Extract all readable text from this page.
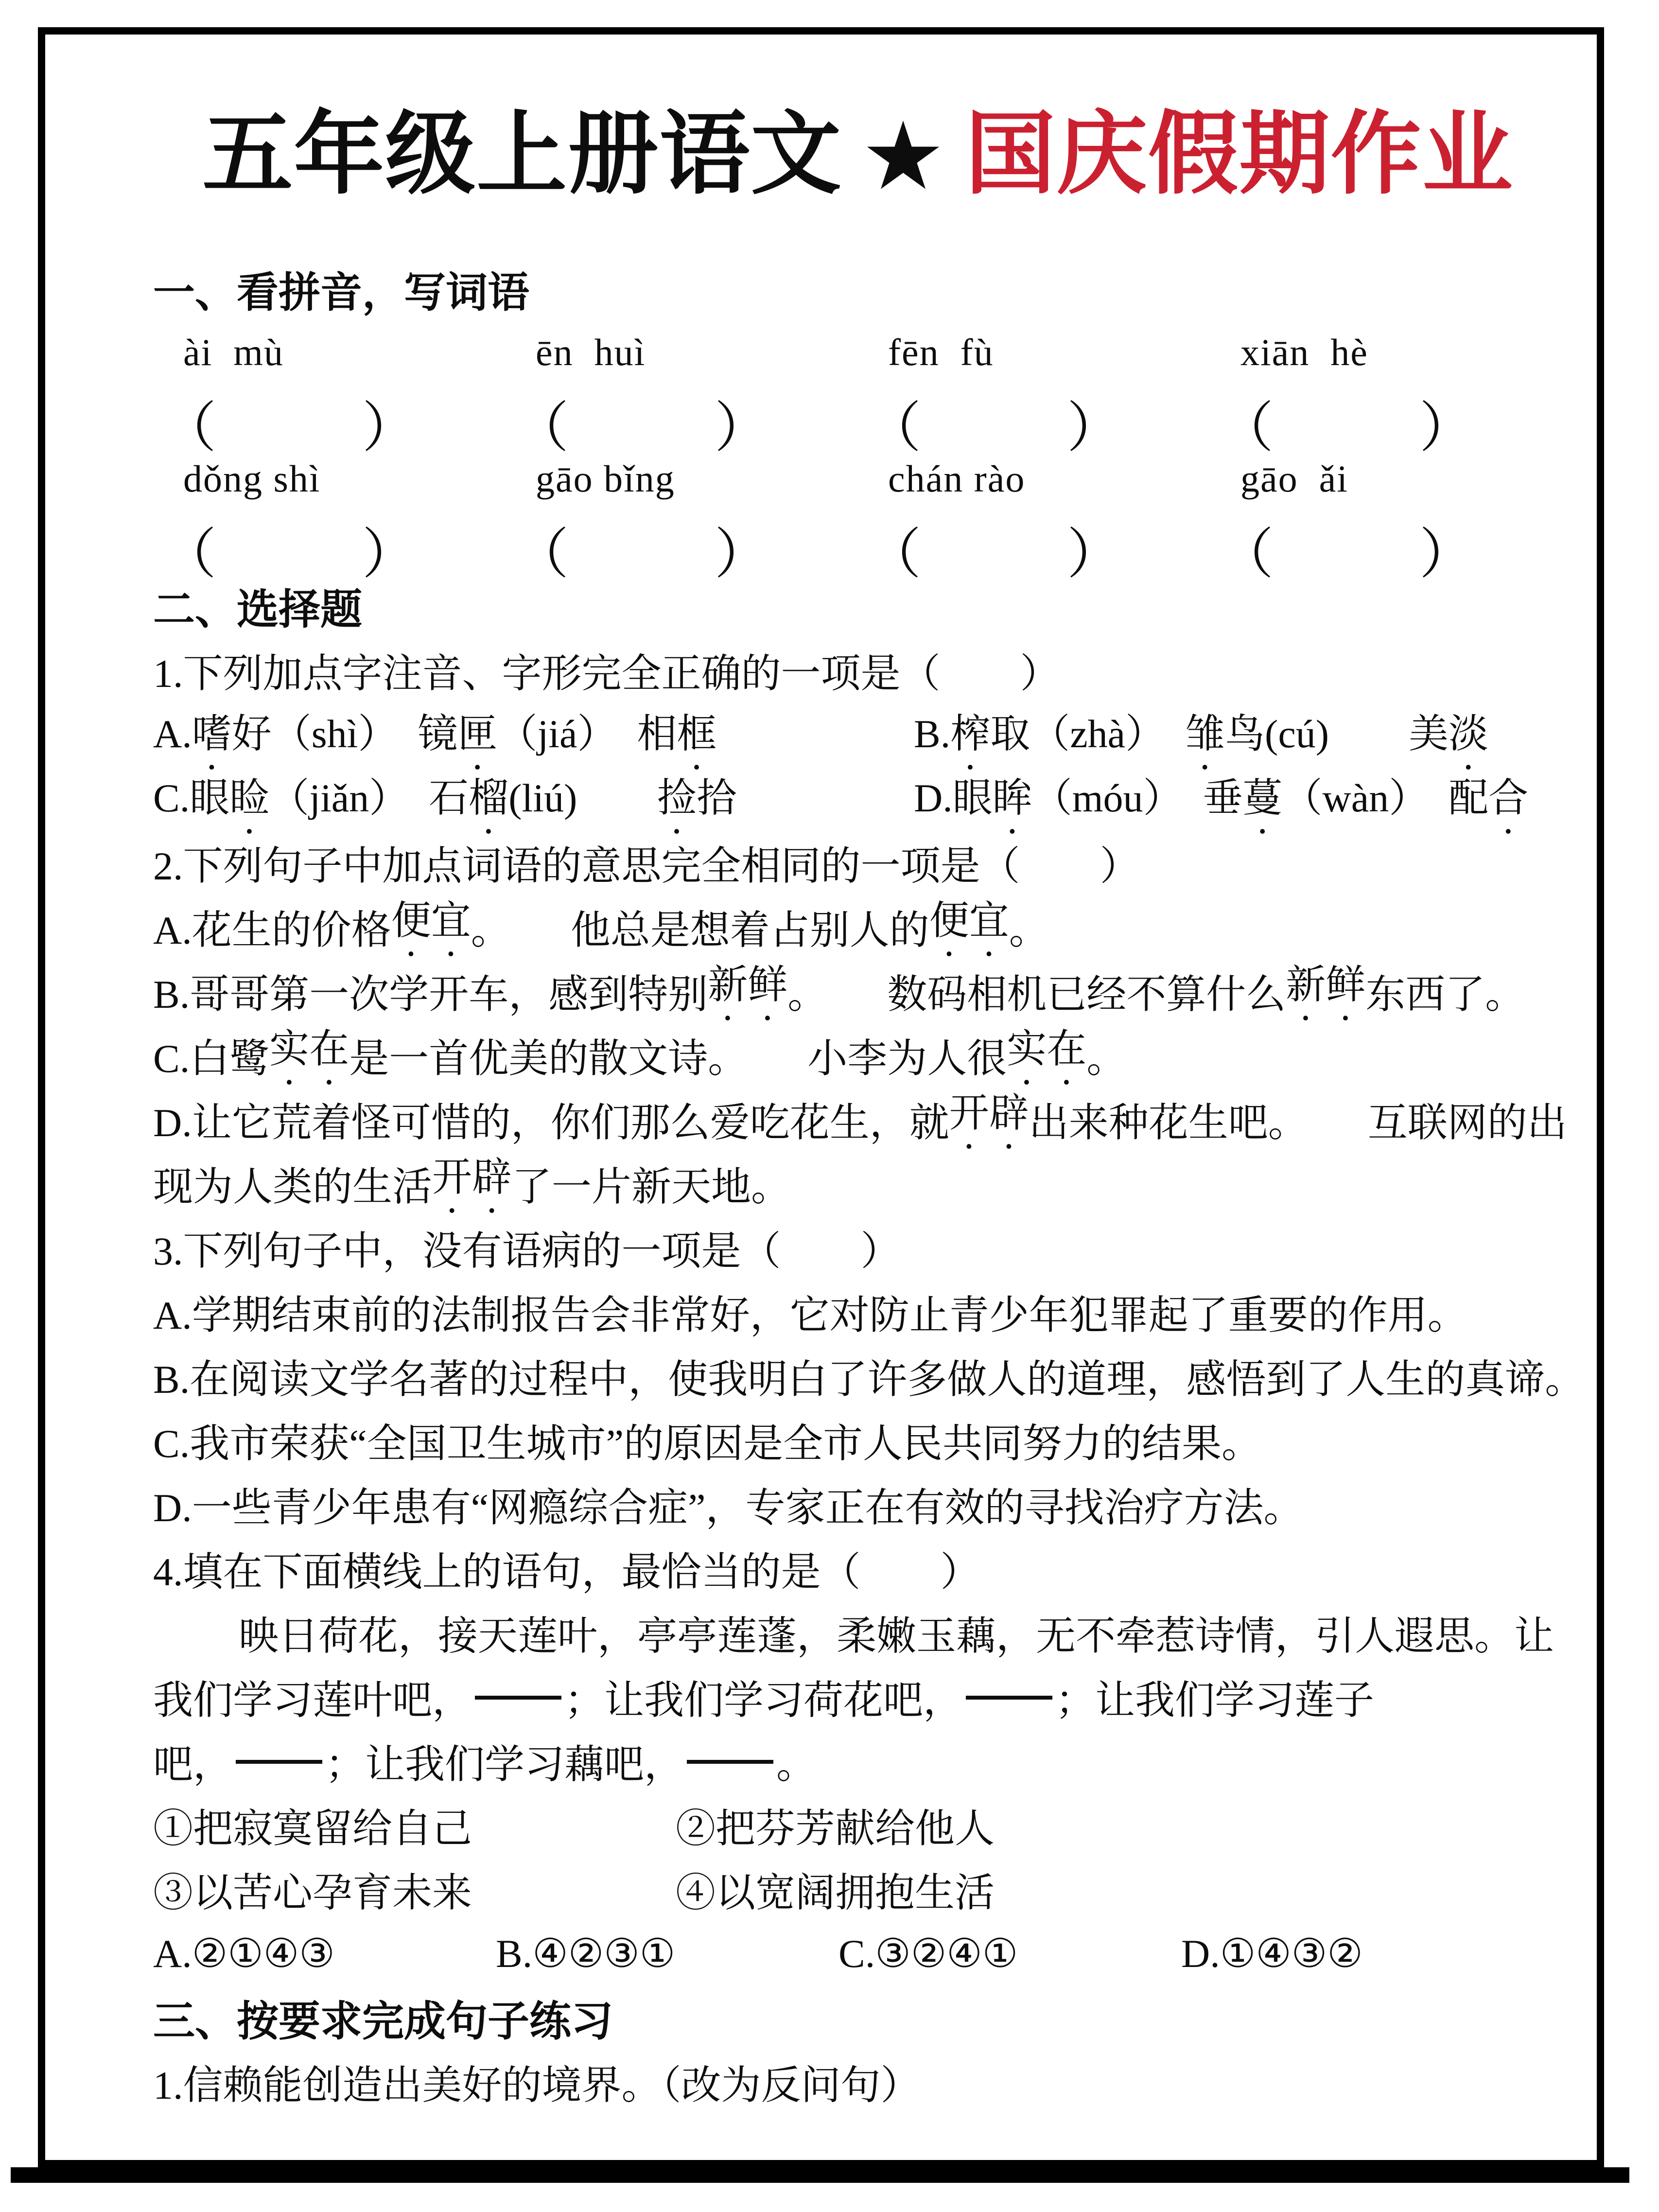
五年级上册语文 ★ 国庆假期作业
一、看拼音，写词语
ài  mù	ēn  huì	fēn  fù	xiān  hè
（	）	（	）	（	）	（	）
dǒng shì	gāo bǐng	chán rào	gāo  ǎi
（	）	（	）	（	）	（	）
二、选择题
1.下列加点字注音、字形完全正确的一项是（　　）
A.嗜好（shì）　镜匣（jiá）　相框	B.榨取（zhà）　雏鸟(cú)　　美淡
C.眼睑（jiǎn）　石榴(liú)　　捡拾	D.眼眸（móu）　垂蔓（wàn）　配合
2.下列句子中加点词语的意思完全相同的一项是（　　）
A.花生的价格 便宜 。　　他总是想着占别人的 便宜 。
B.哥哥第一次学开车，感到特别 新鲜 。　　数码相机已经不算什么 新鲜 东西了。
C.白鹭 实在 是一首优美的散文诗。　　小李为人很 实在 。
D.让它荒着怪可惜的，你们那么爱吃花生，就 开辟 出来种花生吧。　　互联网的出
现为人类的生活 开辟 了一片新天地。
3.下列句子中，没有语病的一项是（　　）
A.学期结束前的法制报告会非常好，它对防止青少年犯罪起了重要的作用。
B.在阅读文学名著的过程中，使我明白了许多做人的道理，感悟到了人生的真谛。
C.我市荣获“全国卫生城市”的原因是全市人民共同努力的结果。
D.一些青少年患有“网瘾综合症”，专家正在有效的寻找治疗方法。
4.填在下面横线上的语句，最恰当的是（　　）
映日荷花，接天莲叶，亭亭莲蓬，柔嫩玉藕，无不牵惹诗情，引人遐思。让
我们学习莲叶吧， ；让我们学习荷花吧， ；让我们学习莲子
吧， ；让我们学习藕吧， 。
①把寂寞留给自己	②把芬芳献给他人
③以苦心孕育未来	④以宽阔拥抱生活
A.②①④③	B.④②③①	C.③②④①	D.①④③②
三、按要求完成句子练习
1.信赖能创造出美好的境界。（改为反问句）
